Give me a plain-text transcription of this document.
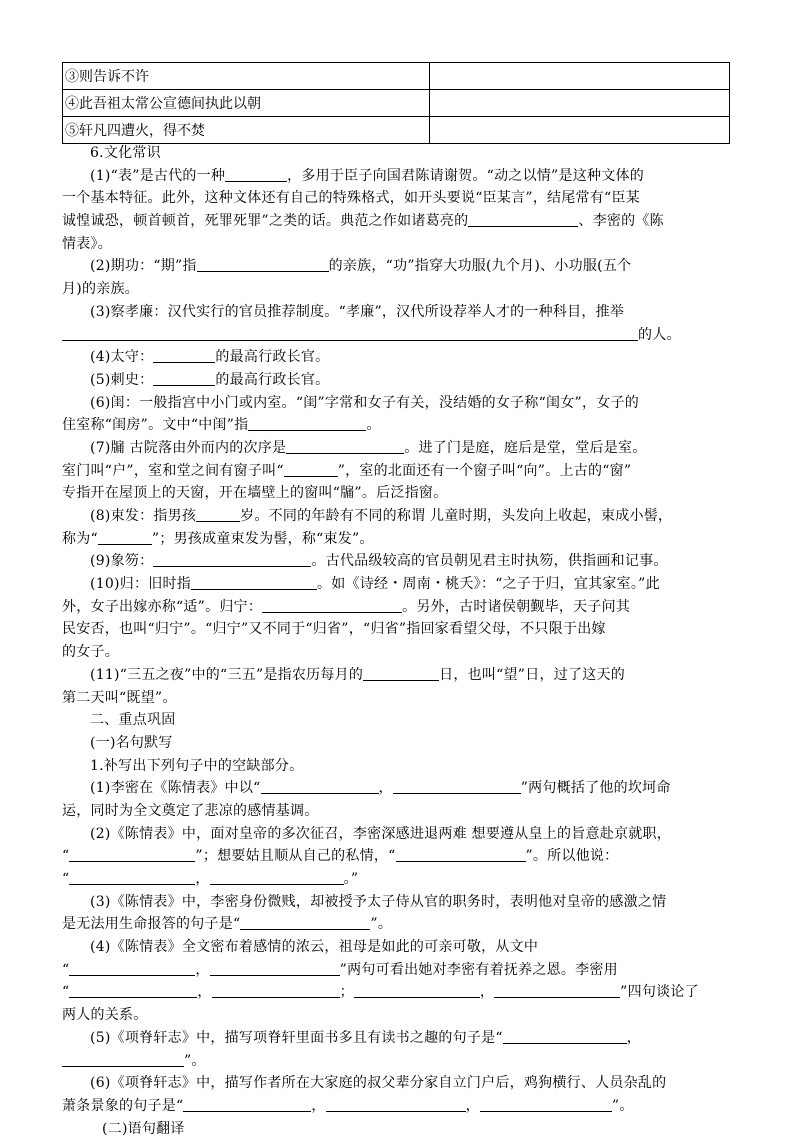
③则告诉不许	
④此吾祖太常公宣德间执此以朝	
⑤轩凡四遭火，得不焚	
6.文化常识
(1)“表”是古代的一种	，多用于臣子向国君陈请谢贺。“动之以情”是这种文体的
一个基本特征。此外，这种文体还有自己的特殊格式，如开头要说“臣某言”，结尾常有“臣某
诚惶诚恐，顿首顿首，死罪死罪”之类的话。典范之作如诸葛亮的	、李密的《陈
情表》。
(2)期功：“期”指	的亲族，“功”指穿大功服(九个月)、小功服(五个
月)的亲族。
(3)察孝廉：汉代实行的官员推荐制度。“孝廉”，汉代所设荐举人才的一种科目，推举
的人。
(4)太守：	的最高行政长官。
(5)刺史：	的最高行政长官。
(6)闺：一般指宫中小门或内室。“闺”字常和女子有关，没结婚的女子称“闺女”，女子的
住室称“闺房”。文中“中闺”指	。
(7)牖 古院落由外而内的次序是	。进了门是庭，庭后是堂，堂后是室。
室门叫“户”，室和堂之间有窗子叫“	”，室的北面还有一个窗子叫“向”。上古的“窗”
专指开在屋顶上的天窗，开在墙壁上的窗叫“牖”。后泛指窗。
(8)束发：指男孩	岁。不同的年龄有不同的称谓 儿童时期，头发向上收起，束成小髻，
称为“	”；男孩成童束发为髻，称“束发”。
(9)象笏：	。古代品级较高的官员朝见君主时执笏，供指画和记事。
(10)归：旧时指	。如《诗经・周南・桃夭》：“之子于归，宜其家室。”此
外，女子出嫁亦称“适”。归宁：	。另外，古时诸侯朝觐毕，天子问其
民安否，也叫“归宁”。“归宁”又不同于“归省”，“归省”指回家看望父母，不只限于出嫁
的女子。
(11)“三五之夜”中的“三五”是指农历每月的	日，也叫“望”日，过了这天的
第二天叫“既望”。
二、重点巩固
(一)名句默写
1.补写出下列句子中的空缺部分。
(1)李密在《陈情表》中以“	，	”两句概括了他的坎坷命
运，同时为全文奠定了悲凉的感情基调。
(2)《陈情表》中，面对皇帝的多次征召，李密深感进退两难 想要遵从皇上的旨意赴京就职，
“	”；想要姑且顺从自己的私情，“	”。所以他说：
“	，	。”
(3)《陈情表》中，李密身份微贱，却被授予太子侍从官的职务时，表明他对皇帝的感激之情
是无法用生命报答的句子是“	”。
(4)《陈情表》全文密布着感情的浓云，祖母是如此的可亲可敬，从文中
“	，	”两句可看出她对李密有着抚养之恩。李密用
“	，	；	，	”四句谈论了
两人的关系。
(5)《项脊轩志》中，描写项脊轩里面书多且有读书之趣的句子是“	，
”。
(6)《项脊轩志》中，描写作者所在大家庭的叔父辈分家自立门户后，鸡狗横行、人员杂乱的
萧条景象的句子是“	，	，	”。
(二)语句翻译
